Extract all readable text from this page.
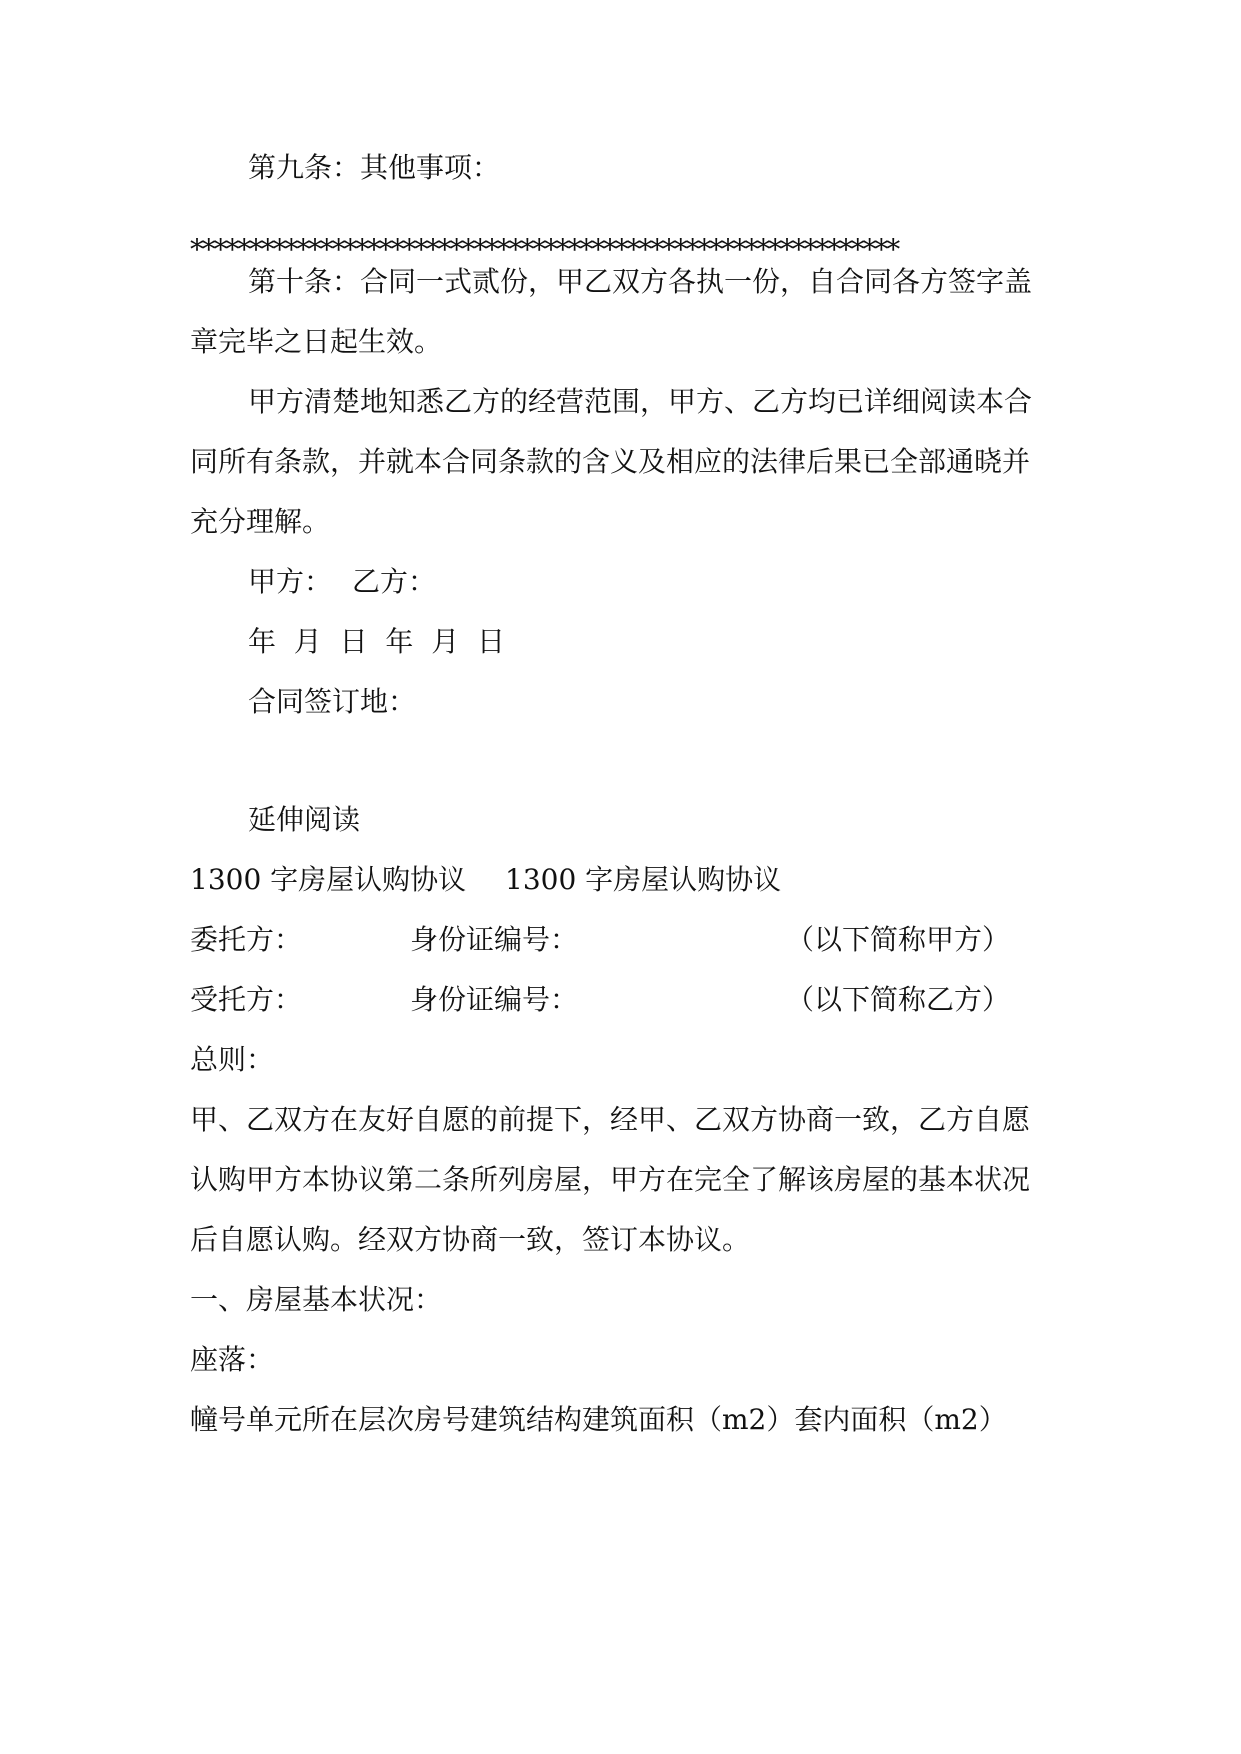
第九条：其他事项：
************************************************************
第十条：合同一式贰份，甲乙双方各执一份，自合同各方签字盖
章完毕之日起生效。
甲方清楚地知悉乙方的经营范围，甲方、乙方均已详细阅读本合
同所有条款，并就本合同条款的含义及相应的法律后果已全部通晓并
充分理解。
甲方： 乙方：
年  月  日  年  月  日
合同签订地：
延伸阅读
1300 字房屋认购协议 1300 字房屋认购协议
委托方：	身份证编号：	（以下简称甲方）
受托方：	身份证编号：	（以下简称乙方）
总则：
甲、乙双方在友好自愿的前提下，经甲、乙双方协商一致，乙方自愿
认购甲方本协议第二条所列房屋，甲方在完全了解该房屋的基本状况
后自愿认购。经双方协商一致，签订本协议。
一、房屋基本状况：
座落：
幢号单元所在层次房号建筑结构建筑面积（m2）套内面积（m2）
